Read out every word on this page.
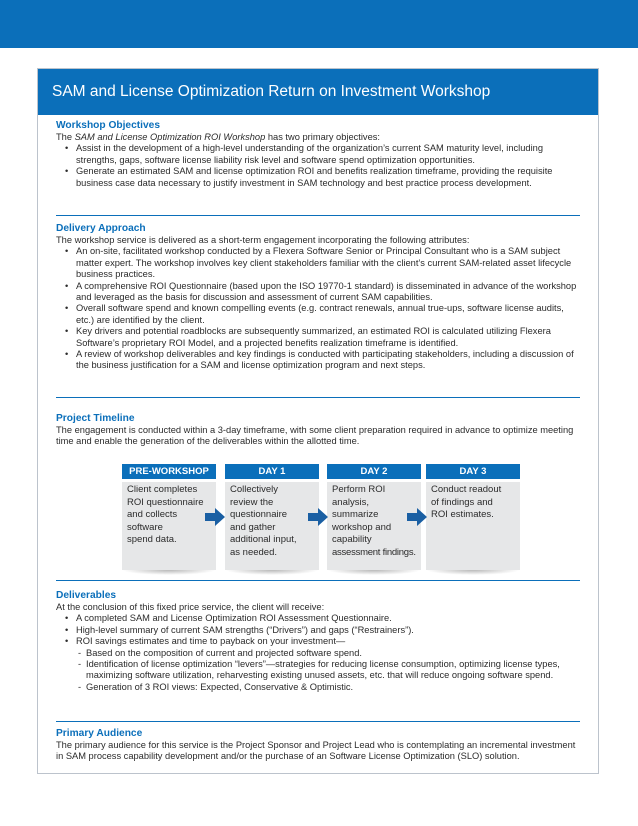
SAM and License Optimization Return on Investment Workshop
Workshop Objectives
The SAM and License Optimization ROI Workshop has two primary objectives:
• Assist in the development of a high-level understanding of the organization’s current SAM maturity level, including strengths, gaps, software license liability risk level and software spend optimization opportunities.
• Generate an estimated SAM and license optimization ROI and benefits realization timeframe, providing the requisite business case data necessary to justify investment in SAM technology and best practice process development.
Delivery Approach
The workshop service is delivered as a short-term engagement incorporating the following attributes:
• An on-site, facilitated workshop conducted by a Flexera Software Senior or Principal Consultant who is a SAM subject matter expert. The workshop involves key client stakeholders familiar with the client’s current SAM-related asset lifecycle business practices.
• A comprehensive ROI Questionnaire (based upon the ISO 19770-1 standard) is disseminated in advance of the workshop and leveraged as the basis for discussion and assessment of current SAM capabilities.
• Overall software spend and known compelling events (e.g. contract renewals, annual true-ups, software license audits, etc.) are identified by the client.
• Key drivers and potential roadblocks are subsequently summarized, an estimated ROI is calculated utilizing Flexera Software’s proprietary ROI Model, and a projected benefits realization timeframe is identified.
• A review of workshop deliverables and key findings is conducted with participating stakeholders, including a discussion of the business justification for a SAM and license optimization program and next steps.
Project Timeline
The engagement is conducted within a 3-day timeframe, with some client preparation required in advance to optimize meeting time and enable the generation of the deliverables within the allotted time.
PRE-WORKSHOP
Client completes
ROI questionnaire
and collects
software
spend data.
DAY 1
Collectively
review the
questionnaire
and gather
additional input,
as needed.
DAY 2
Perform ROI
analysis,
summarize
workshop and
capability
assessment findings.
DAY 3
Conduct readout
of findings and
ROI estimates.
Deliverables
At the conclusion of this fixed price service, the client will receive:
• A completed SAM and License Optimization ROI Assessment Questionnaire.
• High-level summary of current SAM strengths (“Drivers”) and gaps (“Restrainers”).
• ROI savings estimates and time to payback on your investment—
- Based on the composition of current and projected software spend.
- Identification of license optimization “levers”—strategies for reducing license consumption, optimizing license types, maximizing software utilization, reharvesting existing unused assets, etc. that will reduce ongoing software spend.
- Generation of 3 ROI views: Expected, Conservative & Optimistic.
Primary Audience
The primary audience for this service is the Project Sponsor and Project Lead who is contemplating an incremental investment in SAM process capability development and/or the purchase of an Software License Optimization (SLO) solution.
